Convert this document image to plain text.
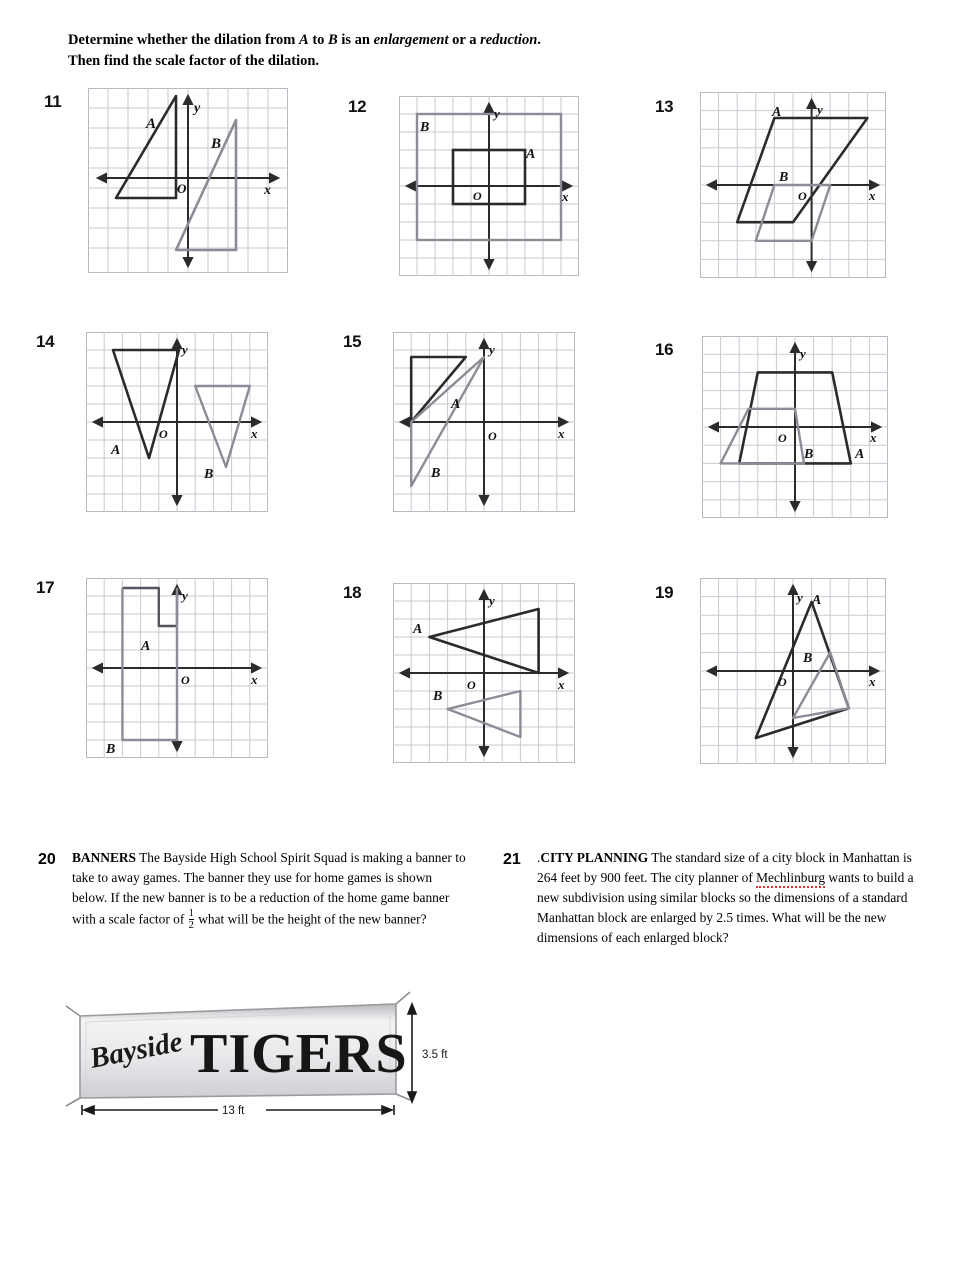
Determine whether the dilation from A to B is an enlargement or a reduction.
Then find the scale factor of the dilation.
11
A
B
O	x
y	12
A
B
O	x
y	13	A
B
O	x
y
14
A
B
O	x
y	15
A
B
O	x
y	16
O
B	A
x
y
17
A
B
O	x
y	18
A
B
O	x
y	19	A
B
O	x
y
20 BANNERS The Bayside High School Spirit Squad is making a banner to take to away games. The banner they use for home games is shown below. If the new banner is to be a reduction of the home game banner with a scale factor of $\frac{1}{2}$ what will be the height of the new banner?
21 .CITY PLANNING The standard size of a city block in Manhattan is 264 feet by 900 feet. The city planner of Mechlinburg wants to build a new subdivision using similar blocks so the dimensions of a standard Manhattan block are enlarged by 2.5 times. What will be the new dimensions of each enlarged block?
Bayside TIGERS 3.5 ft
13 ft
